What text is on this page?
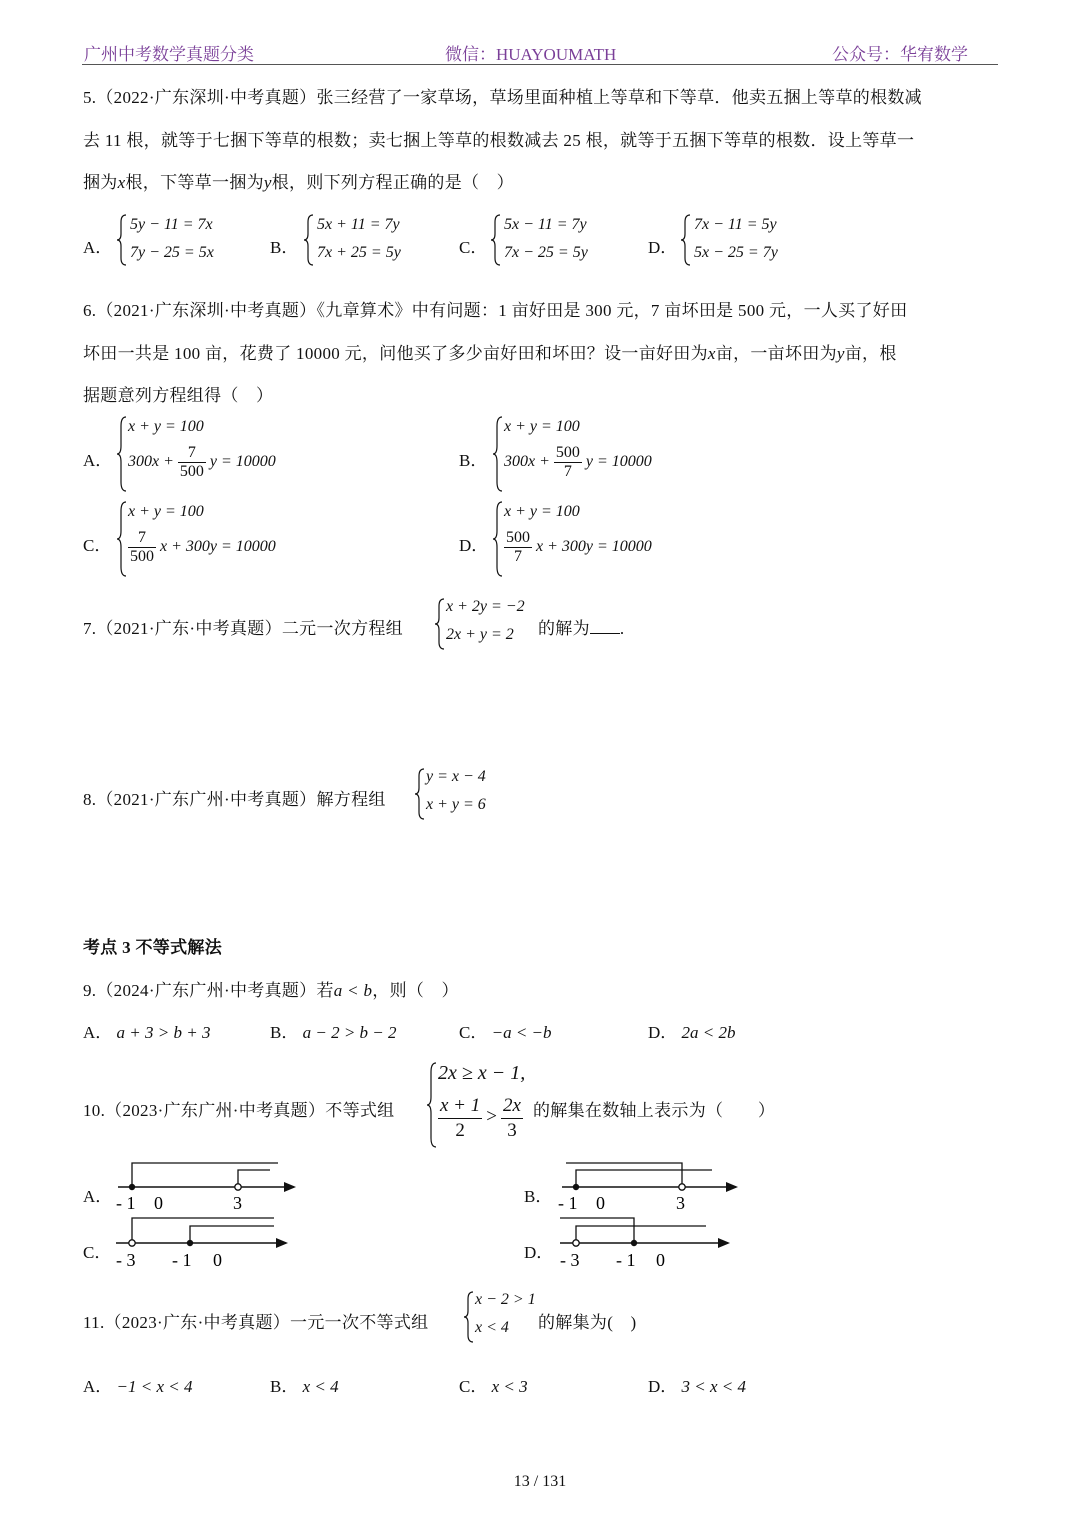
广州中考数学真题分类	微信：HUAYOUMATH	公众号：华宥数学
5.（2022·广东深圳·中考真题）张三经营了一家草场，草场里面种植上等草和下等草．他卖五捆上等草的根数减
去 11 根，就等于七捆下等草的根数；卖七捆上等草的根数减去 25 根，就等于五捆下等草的根数．设上等草一
捆为x根，下等草一捆为y根，则下列方程正确的是（　）
A．
5y − 11 = 7x
7y − 25 = 5x	B．
5x + 11 = 7y
7x + 25 = 5y	C．
5x − 11 = 7y
7x − 25 = 5y	D．
7x − 11 = 5y
5x − 25 = 7y
6.（2021·广东深圳·中考真题）《九章算术》中有问题：1 亩好田是 300 元，7 亩坏田是 500 元，一人买了好田
坏田一共是 100 亩，花费了 10000 元，问他买了多少亩好田和坏田？设一亩好田为x亩，一亩坏田为y亩，根
据题意列方程组得（　）
A．
x + y = 100
$300x + \frac{7}{500}$ y = 10000	B．
x + y = 100
$300x + \frac{500}{7}$ y = 10000
C．
x + y = 100
$\frac{7}{500}$ x + 300y = 10000	D．
x + y = 100
$\frac{500}{7}$ x + 300y = 10000
7.（2021·广东·中考真题）二元一次方程组
x + 2y = −2
2x + y = 2 的解为 .
8.（2021·广东广州·中考真题）解方程组
y = x − 4
x + y = 6
考点 3 不等式解法
9.（2024·广东广州·中考真题）若a < b，则（　）
A． a + 3 > b + 3	B． a − 2 > b − 2	C． −a < −b	D． 2a < 2b
10.（2023·广东广州·中考真题）不等式组
2x ≥ x − 1,
$\frac{x + 1}{2} > \frac{2x}{3}$ 的解集在数轴上表示为（　　）
A． - 1 0	3	B． - 1 0	3
C． - 3 - 1 0	D． - 3 - 1 0
11.（2023·广东·中考真题）一元一次不等式组
x − 2 > 1
x < 4 的解集为(　)
A． −1 < x < 4	B． x < 4	C． x < 3	D． 3 < x < 4
13 / 131
